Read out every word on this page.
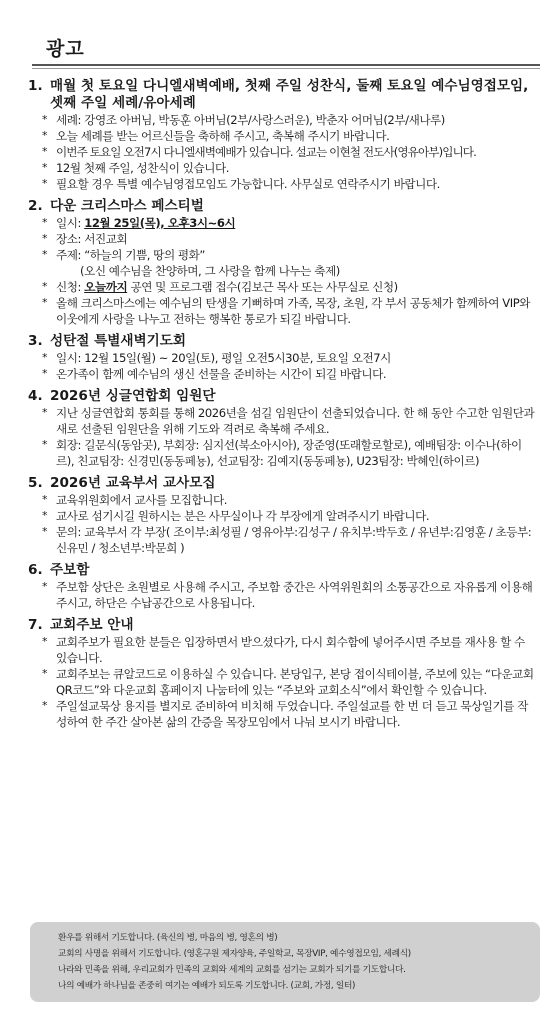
광고
1. 매월 첫 토요일 다니엘새벽예배, 첫째 주일 성찬식, 둘째 토요일 예수님영접모임, 셋째 주일 세례/유아세례
* 세례: 강영조 아버님, 박동훈 아버님(2부/사랑스러운), 박춘자 어머님(2부/새나루)
* 오늘 세례를 받는 어르신들을 축하해 주시고, 축복해 주시기 바랍니다.
* 이번주 토요일 오전7시 다니엘새벽예배가 있습니다. 설교는 이현철 전도사(영유아부)입니다.
* 12월 첫째 주일, 성찬식이 있습니다.
* 필요할 경우 특별 예수님영접모임도 가능합니다. 사무실로 연락주시기 바랍니다.
2. 다운 크리스마스 페스티벌
* 일시: 12월 25일(목), 오후3시~6시
* 장소: 서진교회
* 주제: “하늘의 기쁨, 땅의 평화”
(오신 예수님을 찬양하며, 그 사랑을 함께 나누는 축제)
* 신청: 오늘까지 공연 및 프로그램 접수(김보근 목사 또는 사무실로 신청)
* 올해 크리스마스에는 예수님의 탄생을 기뻐하며 가족, 목장, 초원, 각 부서 공동체가 함께하여 VIP와 이웃에게 사랑을 나누고 전하는 행복한 통로가 되길 바랍니다.
3. 성탄절 특별새벽기도회
* 일시: 12월 15일(월) ~ 20일(토), 평일 오전5시30분, 토요일 오전7시
* 온가족이 함께 예수님의 생신 선물을 준비하는 시간이 되길 바랍니다.
4. 2026년 싱글연합회 임원단
* 지난 싱글연합회 통회를 통해 2026년을 섬길 임원단이 선출되었습니다. 한 해 동안 수고한 임원단과 새로 선출된 임원단을 위해 기도와 격려로 축복해 주세요.
* 회장: 길문식(동암곳), 부회장: 심지선(북소아시아), 장준영(또래할로할로), 예배팀장: 이수나(하이르), 친교팀장: 신경민(동동페뇽), 선교팀장: 김예지(동동페뇽), U23팀장: 박혜인(하이르)
5. 2026년 교육부서 교사모집
* 교육위원회에서 교사를 모집합니다.
* 교사로 섬기시길 원하시는 분은 사무실이나 각 부장에게 알려주시기 바랍니다.
* 문의: 교육부서 각 부장( 조이부:최성필 / 영유아부:김성구 / 유치부:박두호 / 유년부:김영훈 / 초등부:신유민 / 청소년부:박문희 )
6. 주보함
* 주보함 상단은 초원별로 사용해 주시고, 주보함 중간은 사역위원회의 소통공간으로 자유롭게 이용해 주시고, 하단은 수납공간으로 사용됩니다.
7. 교회주보 안내
* 교회주보가 필요한 분들은 입장하면서 받으셨다가, 다시 회수함에 넣어주시면 주보를 재사용 할 수 있습니다.
* 교회주보는 큐알코드로 이용하실 수 있습니다. 본당입구, 본당 접이식테이블, 주보에 있는 “다운교회 QR코드”와 다운교회 홈페이지 나눔터에 있는 “주보와 교회소식”에서 확인할 수 있습니다.
* 주일설교묵상 용지를 별지로 준비하여 비치해 두었습니다. 주일설교를 한 번 더 듣고 묵상일기를 작성하여 한 주간 살아본 삶의 간증을 목장모임에서 나눠 보시기 바랍니다.

환우를 위해서 기도합니다. (육신의 병, 마음의 병, 영혼의 병)

교회의 사명을 위해서 기도합니다. (영혼구원 제자양육, 주일학교, 목장VIP, 예수영접모임, 세례식)

나라와 민족을 위해, 우리교회가 민족의 교회와 세계의 교회를 섬기는 교회가 되기를 기도합니다.

나의 예배가 하나님을 존중히 여기는 예배가 되도록 기도합니다. (교회, 가정, 일터)
